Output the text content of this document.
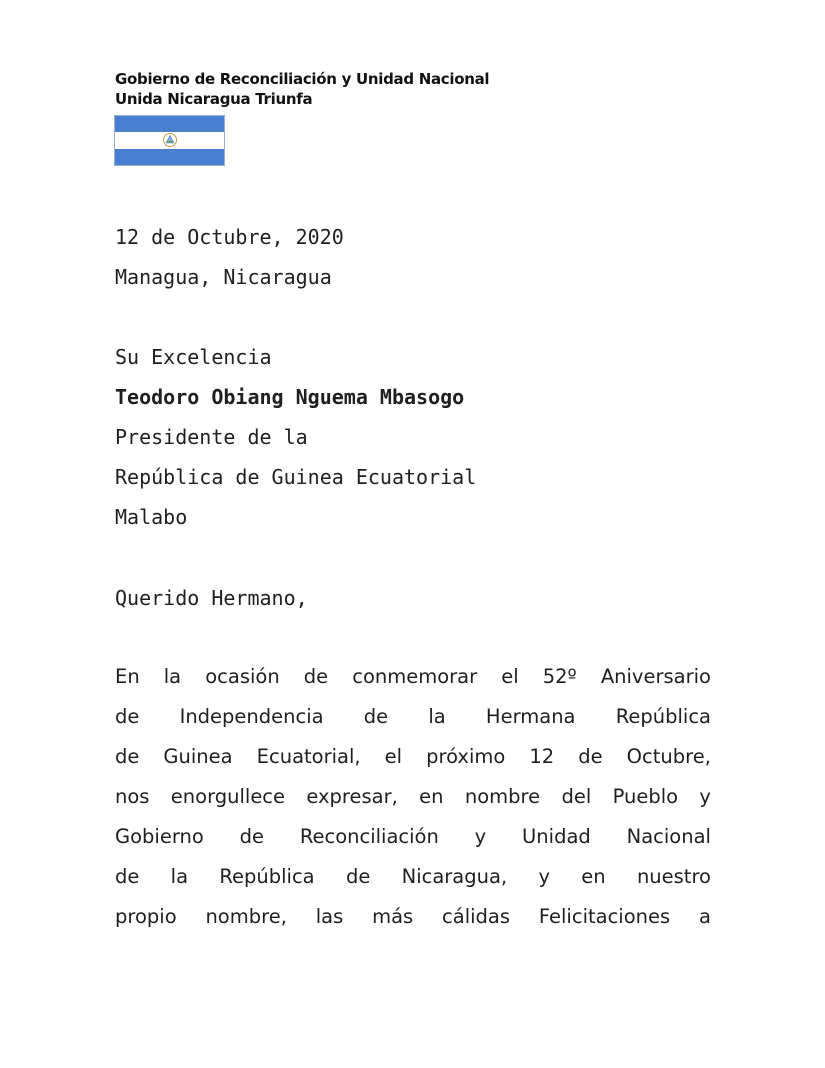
Gobierno de Reconciliación y Unidad Nacional
Unida Nicaragua Triunfa
12 de Octubre, 2020
Managua, Nicaragua
Su Excelencia
Teodoro Obiang Nguema Mbasogo
Presidente de la
República de Guinea Ecuatorial
Malabo
Querido Hermano,
En la ocasión de conmemorar el 52º Aniversario
de Independencia de la Hermana República
de Guinea Ecuatorial, el próximo 12 de Octubre,
nos enorgullece expresar, en nombre del Pueblo y
Gobierno de Reconciliación y Unidad Nacional
de la República de Nicaragua, y en nuestro
propio nombre, las más cálidas Felicitaciones a
